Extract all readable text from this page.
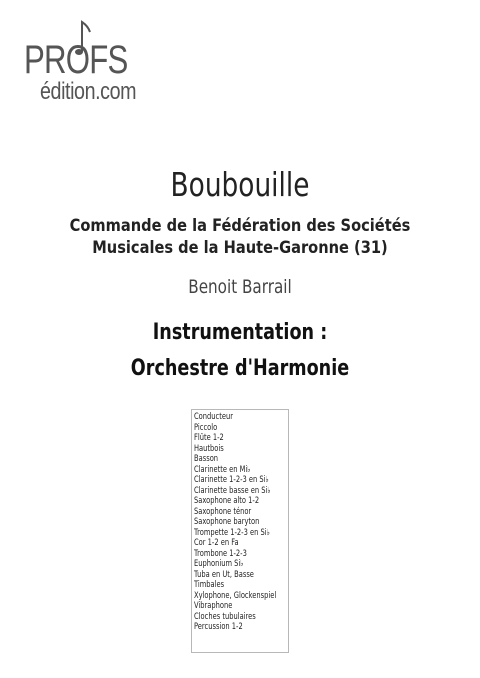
PROFS
édition.com
Boubouille
Commande de la Fédération des Sociétés
Musicales de la Haute-Garonne (31)
Benoit Barrail
Instrumentation :
Orchestre d'Harmonie
Conducteur
Piccolo
Flûte 1-2
Hautbois
Basson
Clarinette en Mi♭
Clarinette 1-2-3 en Si♭
Clarinette basse en Si♭
Saxophone alto 1-2
Saxophone ténor
Saxophone baryton
Trompette 1-2-3 en Si♭
Cor 1-2 en Fa
Trombone 1-2-3
Euphonium Si♭
Tuba en Ut, Basse
Timbales
Xylophone, Glockenspiel
Vibraphone
Cloches tubulaires
Percussion 1-2
